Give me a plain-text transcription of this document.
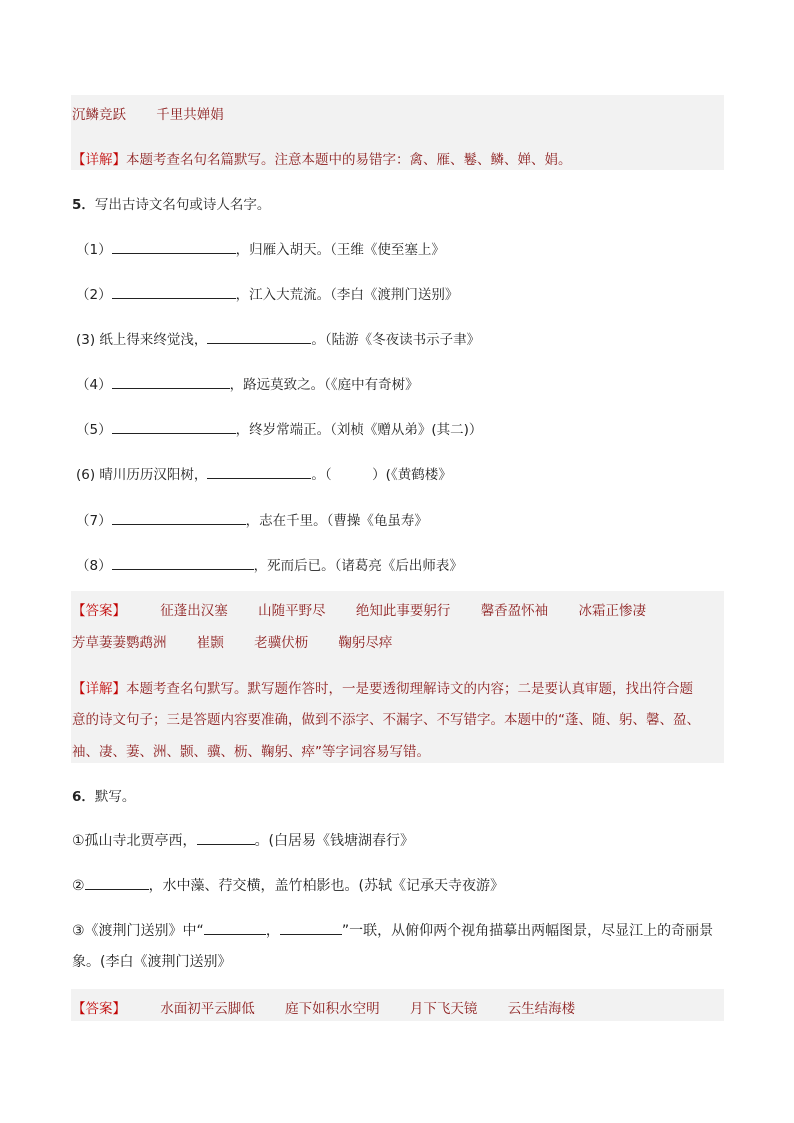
沉鳞竞跃 千里共婵娟
【详解】本题考查名句名篇默写。注意本题中的易错字：禽、雁、鬈、鳞、婵、娟。
5．写出古诗文名句或诗人名字。
（1）	，归雁入胡天。（王维《使至塞上》
（2）	，江入大荒流。（李白《渡荆门送别》
(3) 纸上得来终觉浅，	。（陆游《冬夜读书示子聿》
（4）	，路远莫致之。（《庭中有奇树》
（5）	，终岁常端正。（刘桢《赠从弟》(其二)）
(6) 晴川历历汉阳树，	。（　　　）(《黄鹤楼》
（7）	，志在千里。（曹操《龟虽寿》
（8）	，死而后已。（诸葛亮《后出师表》
【答案】	征蓬出汉塞 山随平野尽 绝知此事要躬行 馨香盈怀袖 冰霜正惨凄
芳草萋萋鹦鹉洲 崔颢 老骥伏枥 鞠躬尽瘁
【详解】本题考查名句默写。默写题作答时，一是要透彻理解诗文的内容；二是要认真审题，找出符合题
意的诗文句子；三是答题内容要准确，做到不添字、不漏字、不写错字。本题中的“蓬、随、躬、馨、盈、
袖、凄、萋、洲、颢、骥、枥、鞠躬、瘁”等字词容易写错。
6．默写。
①孤山寺北贾亭西，	。(白居易《钱塘湖春行》
②	，水中藻、荇交横，盖竹柏影也。(苏轼《记承天寺夜游》
③《渡荆门送别》中“	，	”一联，从俯仰两个视角描摹出两幅图景，尽显江上的奇丽景
象。(李白《渡荆门送别》
【答案】	水面初平云脚低 庭下如积水空明 月下飞天镜 云生结海楼
